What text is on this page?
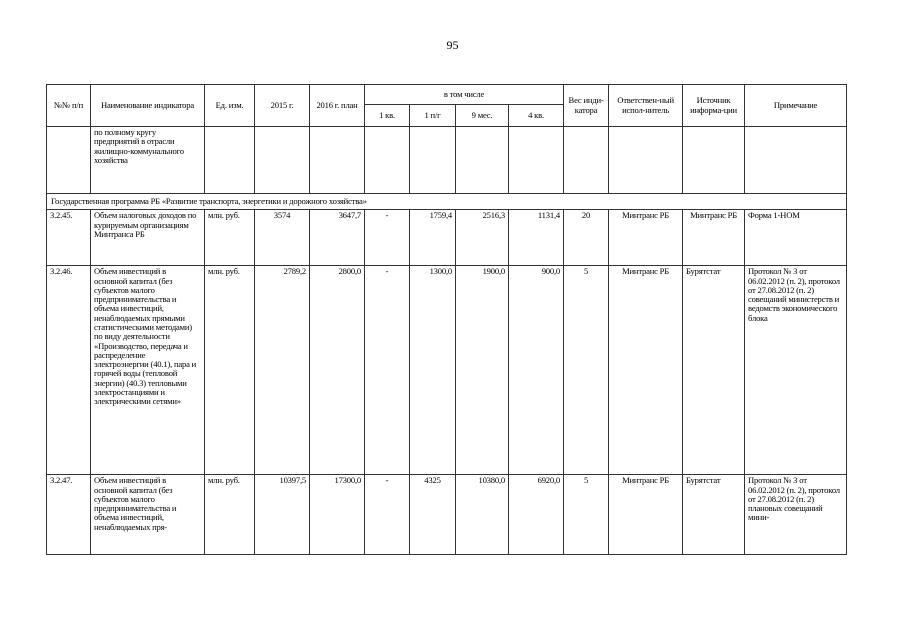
95
№№ п/п	Наименование индикатора	Ед. изм.	2015 г.	2016 г. план	в том числе				Вес инди-катора	Ответствен-ный испол-нитель	Источник информа-ции	Примечание
					1 кв.	1 п/г	9 мес.	4 кв.				
	по полному кругу предприятий в отрасли жилищно-коммунального хозяйства											
Государственная программа РБ «Развитие транспорта, энергетики и дорожного хозяйства»												
3.2.45.	Объем налоговых доходов по курируемым организациям Минтранса РБ	млн. руб.	3574	3647,7	-	1759,4	2516,3	1131,4	20	Минтранс РБ	Минтранс РБ	Форма 1-НОМ
3.2.46.	Объем инвестиций в основной капитал (без субъектов малого предпринимательства и объема инвестиций, ненаблюдаемых прямыми статистическими методами) по виду деятельности «Производство, передача и распределение электроэнергии (40.1), пара и горячей воды (тепловой энергии) (40.3) тепловыми электростанциями и электрическими сетями»	млн. руб.	2789,2	2800,0	-	1300,0	1900,0	900,0	5	Минтранс РБ	Бурятстат	Протокол № 3 от 06.02.2012 (п. 2), протокол от 27.08.2012 (п. 2) совещаний министерств и ведомств экономического блока
3.2.47.	Объем инвестиций в основной капитал (без субъектов малого предпринимательства и объема инвестиций, ненаблюдаемых пря-	млн. руб.	10397,5	17300,0	-	4325	10380,0	6920,0	5	Минтранс РБ	Бурятстат	Протокол № 3 от 06.02.2012 (п. 2), протокол от 27.08.2012 (п. 2) плановых совещаний мини-
